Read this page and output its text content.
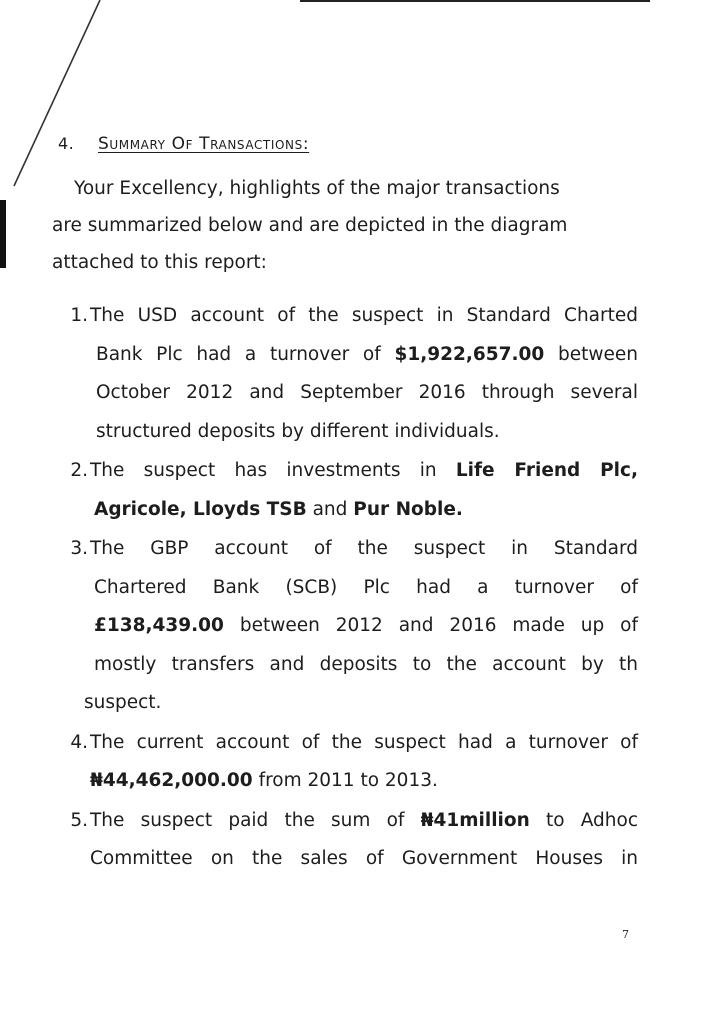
4. Summary Of Transactions:
Your Excellency, highlights of the major transactions
are summarized below and are depicted in the diagram
attached to this report:
1. The USD account of the suspect in Standard Charted
Bank Plc had a turnover of $1,922,657.00 between
October 2012 and September 2016 through several
structured deposits by different individuals.
2. The suspect has investments in Life Friend Plc,
Agricole, Lloyds TSB and Pur Noble.
3. The GBP account of the suspect in Standard
Chartered Bank (SCB) Plc had a turnover of
£138,439.00 between 2012 and 2016 made up of
mostly transfers and deposits to the account by th
suspect.
4. The current account of the suspect had a turnover of
₦44,462,000.00 from 2011 to 2013.
5. The suspect paid the sum of ₦41million to Adhoc
Committee on the sales of Government Houses in
7
